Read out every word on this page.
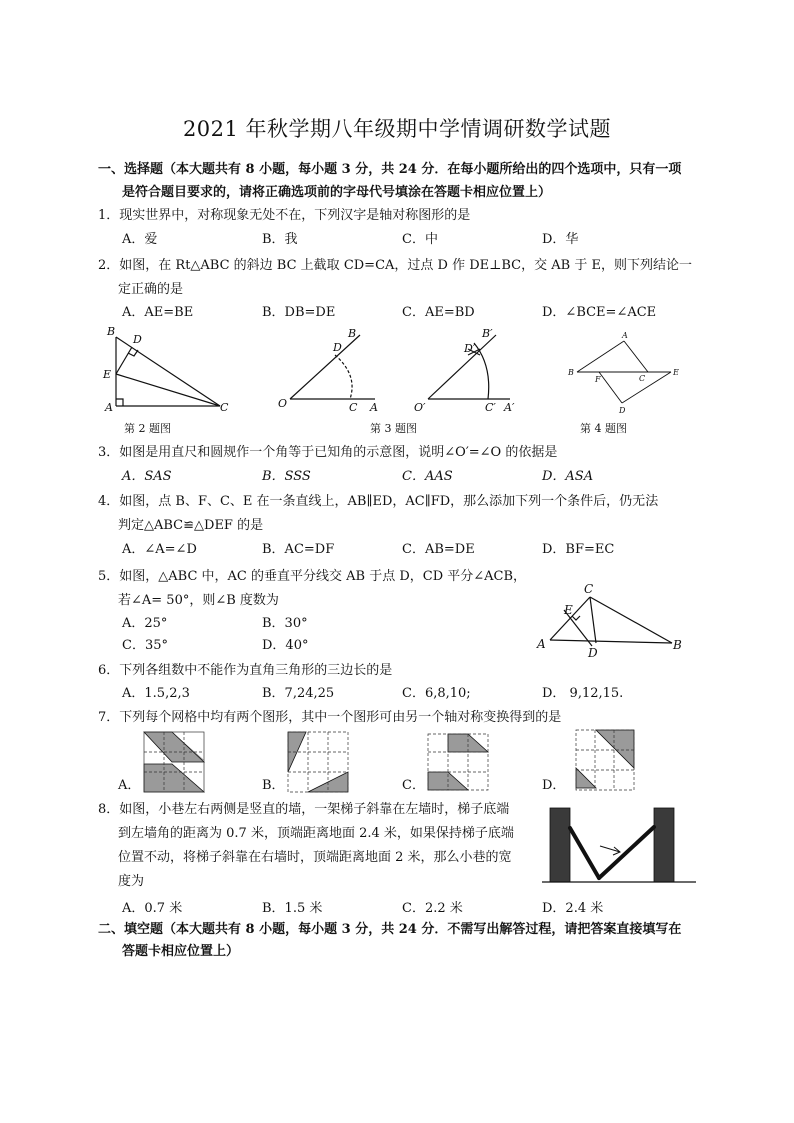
2021 年秋学期八年级期中学情调研数学试题
一、选择题（本大题共有 8 小题，每小题 3 分，共 24 分．在每小题所给出的四个选项中，只有一项
是符合题目要求的，请将正确选项前的字母代号填涂在答题卡相应位置上）
1．现实世界中，对称现象无处不在，下列汉字是轴对称图形的是
A．爱	B．我	C．中	D．华
2．如图，在 Rt△ABC 的斜边 BC 上截取 CD=CA，过点 D 作 DE⊥BC，交 AB 于 E，则下列结论一
定正确的是
A．AE=BE	B．DB=DE	C．AE=BD	D．∠BCE=∠ACE
B
D
E
A	C
B
D
O	C A
B′
D′
O′	C′ A′
A
B
F	C
E
D
第 2 题图	第 3 题图	第 4 题图
3．如图是用直尺和圆规作一个角等于已知角的示意图，说明∠O′=∠O 的依据是
A．SAS	B．SSS	C．AAS	D．ASA
4．如图，点 B、F、C、E 在一条直线上，AB∥ED，AC∥FD，那么添加下列一个条件后，仍无法
判定△ABC≌△DEF 的是
A．∠A=∠D	B．AC=DF	C．AB=DE	D．BF=EC
5．如图，△ABC 中，AC 的垂直平分线交 AB 于点 D，CD 平分∠ACB，
若∠A= 50°，则∠B 度数为
A．25°	B．30°
C．35°	D．40°
C
E
A
D
B
6．下列各组数中不能作为直角三角形的三边长的是
A．1.5,2,3	B．7,24,25	C．6,8,10;	D． 9,12,15.
7．下列每个网格中均有两个图形，其中一个图形可由另一个轴对称变换得到的是
A．	B．	C．	D．
8．如图，小巷左右两侧是竖直的墙，一架梯子斜靠在左墙时，梯子底端
到左墙角的距离为 0.7 米，顶端距离地面 2.4 米，如果保持梯子底端
位置不动，将梯子斜靠在右墙时，顶端距离地面 2 米，那么小巷的宽
度为
A．0.7 米	B．1.5 米	C．2.2 米	D．2.4 米
二、填空题（本大题共有 8 小题，每小题 3 分，共 24 分．不需写出解答过程，请把答案直接填写在
答题卡相应位置上）
